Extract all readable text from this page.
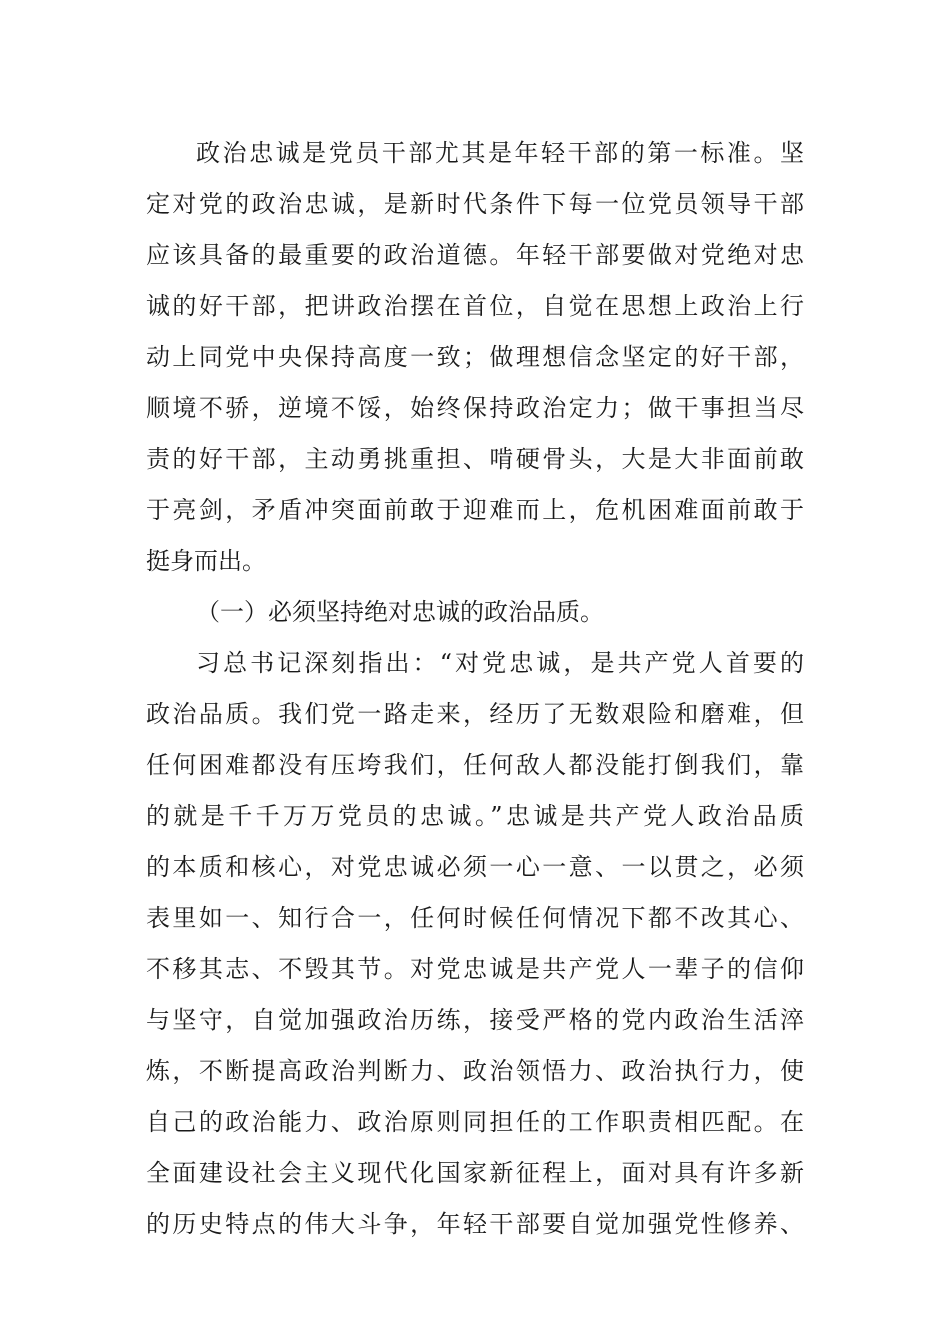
政治忠诚是党员干部尤其是年轻干部的第一标准。坚
定对党的政治忠诚，是新时代条件下每一位党员领导干部
应该具备的最重要的政治道德。年轻干部要做对党绝对忠
诚的好干部，把讲政治摆在首位，自觉在思想上政治上行
动上同党中央保持高度一致；做理想信念坚定的好干部，
顺境不骄，逆境不馁，始终保持政治定力；做干事担当尽
责的好干部，主动勇挑重担、啃硬骨头，大是大非面前敢
于亮剑，矛盾冲突面前敢于迎难而上，危机困难面前敢于
挺身而出。
（一）必须坚持绝对忠诚的政治品质。
习总书记深刻指出：“对党忠诚，是共产党人首要的
政治品质。我们党一路走来，经历了无数艰险和磨难，但
任何困难都没有压垮我们，任何敌人都没能打倒我们，靠
的就是千千万万党员的忠诚。”忠诚是共产党人政治品质
的本质和核心，对党忠诚必须一心一意、一以贯之，必须
表里如一、知行合一，任何时候任何情况下都不改其心、
不移其志、不毁其节。对党忠诚是共产党人一辈子的信仰
与坚守，自觉加强政治历练，接受严格的党内政治生活淬
炼，不断提高政治判断力、政治领悟力、政治执行力，使
自己的政治能力、政治原则同担任的工作职责相匹配。在
全面建设社会主义现代化国家新征程上，面对具有许多新
的历史特点的伟大斗争，年轻干部要自觉加强党性修养、
